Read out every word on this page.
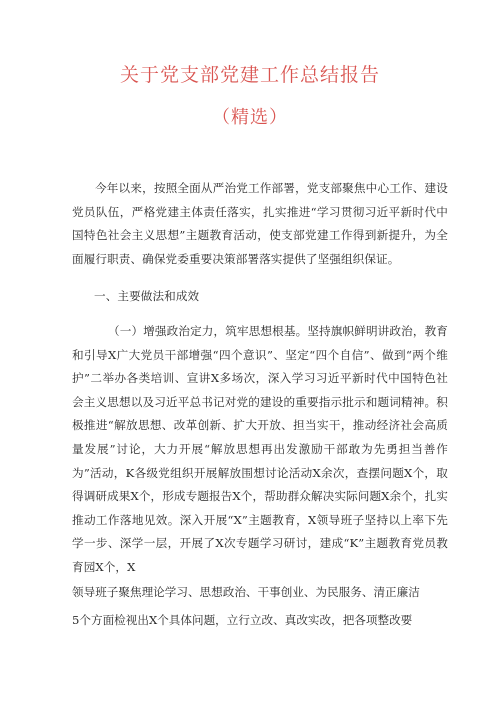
关于党支部党建工作总结报告
（精选）

今年以来，按照全面从严治党工作部署，党支部聚焦中心工作、建设党员队伍，严格党建主体责任落实，扎实推进“学习贯彻习近平新时代中国特色社会主义思想”主题教育活动，使支部党建工作得到新提升，为全面履行职责、确保党委重要决策部署落实提供了坚强组织保证。

一、主要做法和成效

（一）增强政治定力，筑牢思想根基。坚持旗帜鲜明讲政治，教育和引导X广大党员干部增强“四个意识”、坚定“四个自信”、做到“两个维护”二举办各类培训、宣讲X多场次，深入学习习近平新时代中国特色社会主义思想以及习近平总书记对党的建设的重要指示批示和题词精神。积极推进“解放思想、改革创新、扩大开放、担当实干，推动经济社会高质量发展”讨论，大力开展“解放思想再出发激励干部敢为先勇担当善作为”活动，K各级党组织开展解放围想讨论活动X余次，查摆问题X个，取得调研成果X个，形成专题报告X个，帮助群众解决实际问题X余个，扎实推动工作落地见效。深入开展“X”主题教育，X领导班子坚持以上率下先学一步、深学一层，开展了X次专题学习研讨，建成“K”主题教育党员教育园X个，X

领导班子聚焦理论学习、思想政治、干事创业、为民服务、清正廉洁

5个方面检视出X个具体问题，立行立改、真改实改，把各项整改要
